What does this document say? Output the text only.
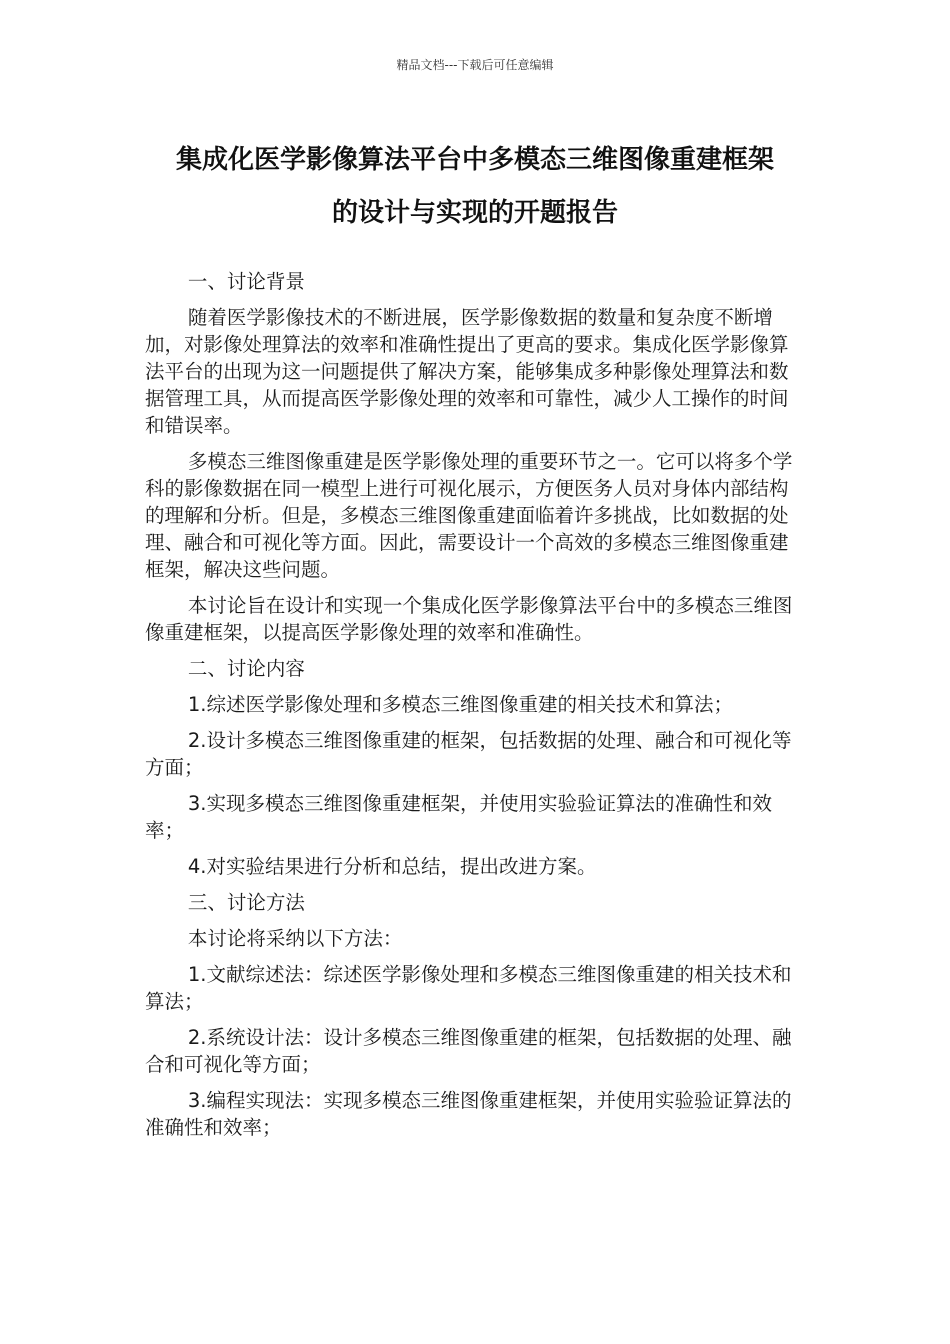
精品文档---下载后可任意编辑
集成化医学影像算法平台中多模态三维图像重建框架
的设计与实现的开题报告

一、讨论背景

随着医学影像技术的不断进展，医学影像数据的数量和复杂度不断增加，对影像处理算法的效率和准确性提出了更高的要求。集成化医学影像算法平台的出现为这一问题提供了解决方案，能够集成多种影像处理算法和数据管理工具，从而提高医学影像处理的效率和可靠性，减少人工操作的时间和错误率。

多模态三维图像重建是医学影像处理的重要环节之一。它可以将多个学科的影像数据在同一模型上进行可视化展示，方便医务人员对身体内部结构的理解和分析。但是，多模态三维图像重建面临着许多挑战，比如数据的处理、融合和可视化等方面。因此，需要设计一个高效的多模态三维图像重建框架，解决这些问题。

本讨论旨在设计和实现一个集成化医学影像算法平台中的多模态三维图像重建框架，以提高医学影像处理的效率和准确性。

二、讨论内容

1.综述医学影像处理和多模态三维图像重建的相关技术和算法；

2.设计多模态三维图像重建的框架，包括数据的处理、融合和可视化等方面；

3.实现多模态三维图像重建框架，并使用实验验证算法的准确性和效率；

4.对实验结果进行分析和总结，提出改进方案。

三、讨论方法

本讨论将采纳以下方法：

1.文献综述法：综述医学影像处理和多模态三维图像重建的相关技术和算法；

2.系统设计法：设计多模态三维图像重建的框架，包括数据的处理、融合和可视化等方面；

3.编程实现法：实现多模态三维图像重建框架，并使用实验验证算法的准确性和效率；
